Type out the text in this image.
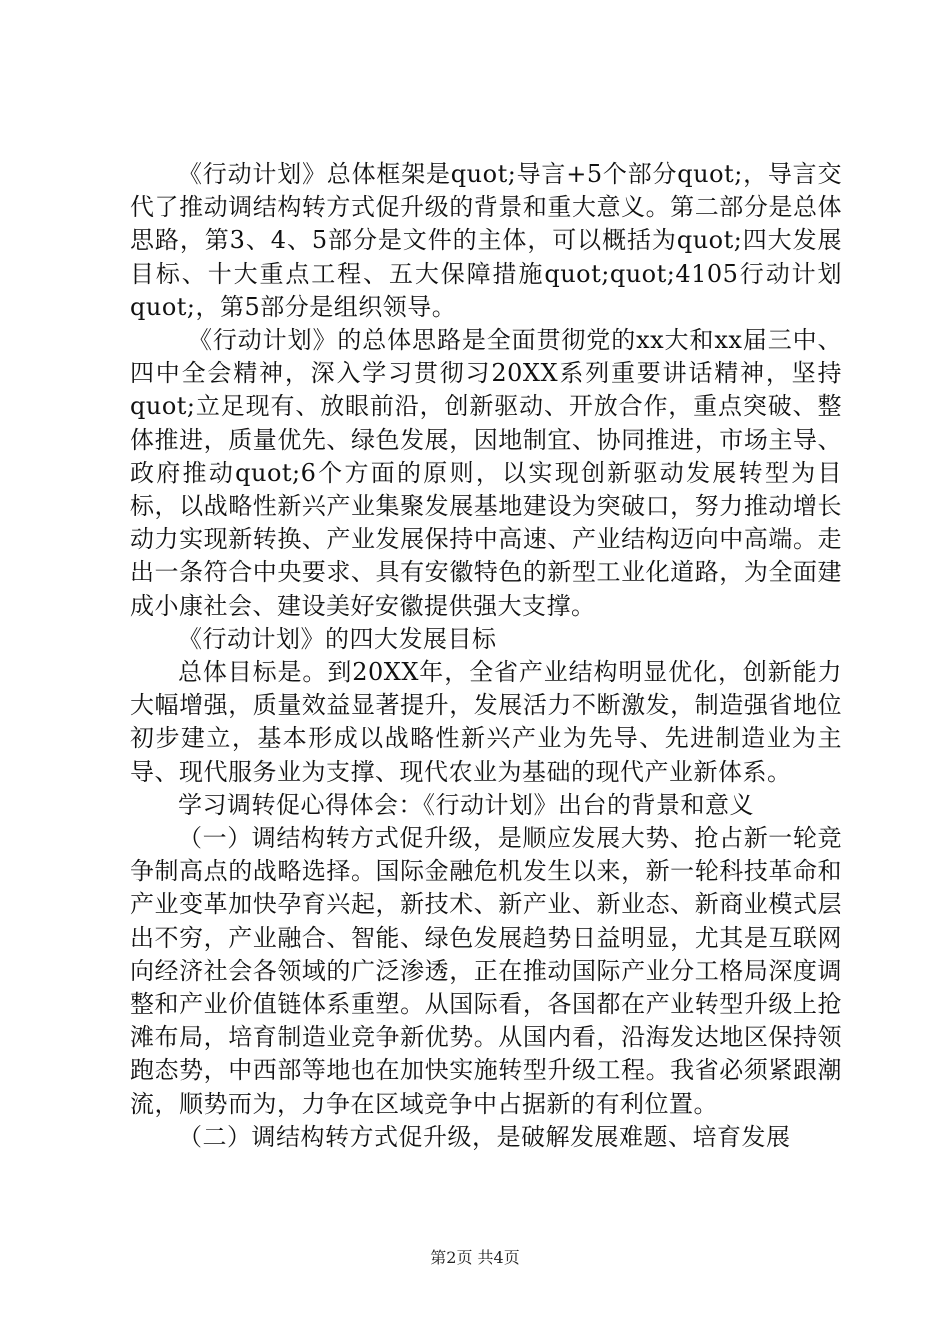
《行动计划》总体框架是quot;导言+5个部分quot;，导言交代了推动调结构转方式促升级的背景和重大意义。第二部分是总体思路，第3、4、5部分是文件的主体，可以概括为quot;四大发展目标、十大重点工程、五大保障措施quot;quot;4105行动计划quot;，第5部分是组织领导。

《行动计划》的总体思路是全面贯彻党的xx大和xx届三中、四中全会精神，深入学习贯彻习20XX系列重要讲话精神，坚持quot;立足现有、放眼前沿，创新驱动、开放合作，重点突破、整体推进，质量优先、绿色发展，因地制宜、协同推进，市场主导、政府推动quot;6个方面的原则，以实现创新驱动发展转型为目标，以战略性新兴产业集聚发展基地建设为突破口，努力推动增长动力实现新转换、产业发展保持中高速、产业结构迈向中高端。走出一条符合中央要求、具有安徽特色的新型工业化道路，为全面建成小康社会、建设美好安徽提供强大支撑。

《行动计划》的四大发展目标

总体目标是。到20XX年，全省产业结构明显优化，创新能力大幅增强，质量效益显著提升，发展活力不断激发，制造强省地位初步建立，基本形成以战略性新兴产业为先导、先进制造业为主导、现代服务业为支撑、现代农业为基础的现代产业新体系。

学习调转促心得体会：《行动计划》出台的背景和意义

（一）调结构转方式促升级，是顺应发展大势、抢占新一轮竞争制高点的战略选择。国际金融危机发生以来，新一轮科技革命和产业变革加快孕育兴起，新技术、新产业、新业态、新商业模式层出不穷，产业融合、智能、绿色发展趋势日益明显，尤其是互联网向经济社会各领域的广泛渗透，正在推动国际产业分工格局深度调整和产业价值链体系重塑。从国际看，各国都在产业转型升级上抢滩布局，培育制造业竞争新优势。从国内看，沿海发达地区保持领跑态势，中西部等地也在加快实施转型升级工程。我省必须紧跟潮流，顺势而为，力争在区域竞争中占据新的有利位置。

（二）调结构转方式促升级，是破解发展难题、培育发展

第2页 共4页
